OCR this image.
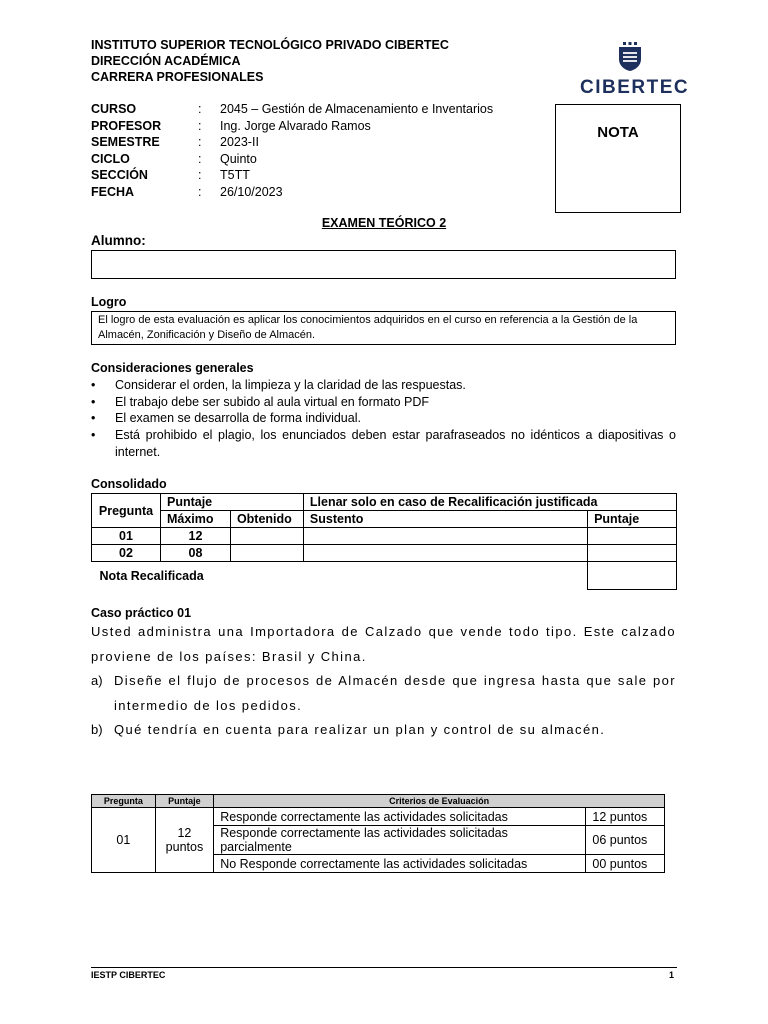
INSTITUTO SUPERIOR TECNOLÓGICO PRIVADO CIBERTEC
DIRECCIÓN ACADÉMICA
CARRERA PROFESIONALES	CIBERTEC
CURSO	:	2045 – Gestión de Almacenamiento e Inventarios
PROFESOR	:	Ing. Jorge Alvarado Ramos
SEMESTRE	:	2023-II
CICLO	:	Quinto
SECCIÓN	:	T5TT
FECHA	:	26/10/2023
NOTA
EXAMEN TEÓRICO 2
Alumno:
Logro
El logro de esta evaluación es aplicar los conocimientos adquiridos en el curso en referencia a la Gestión de la Almacén, Zonificación y Diseño de Almacén.
Consideraciones generales
• Considerar el orden, la limpieza y la claridad de las respuestas.
• El trabajo debe ser subido al aula virtual en formato PDF
• El examen se desarrolla de forma individual.
• Está prohibido el plagio, los enunciados deben estar parafraseados no idénticos a diapositivas o internet.
Consolidado
Pregunta	Puntaje		Llenar solo en caso de Recalificación justificada	
	Máximo	Obtenido	Sustento	Puntaje
01	12			
02	08			
Nota Recalificada				
Caso práctico 01
Usted administra una Importadora de Calzado que vende todo tipo. Este calzado proviene de los países: Brasil y China.
a) Diseñe el flujo de procesos de Almacén desde que ingresa hasta que sale por intermedio de los pedidos.
b) Qué tendría en cuenta para realizar un plan y control de su almacén.
Pregunta	Puntaje	Criterios de Evaluación	
01	12 puntos	Responde correctamente las actividades solicitadas	12 puntos
		Responde correctamente las actividades solicitadas parcialmente	06 puntos
		No Responde correctamente las actividades solicitadas	00 puntos
IESTP CIBERTEC	1
